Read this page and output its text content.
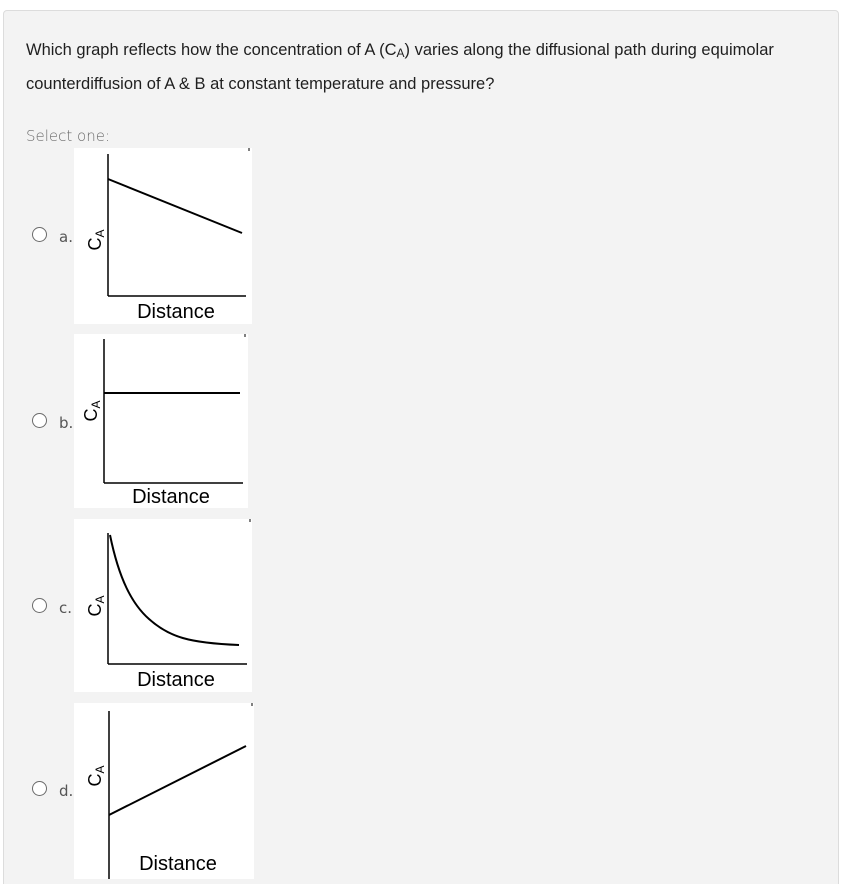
Which graph reflects how the concentration of A $(C_A)$ varies along the diffusional path during equimolar counterdiffusion of A & B at constant temperature and pressure?
Select one:
a. CA
Distance
b. CA
Distance
c. CA
Distance
d.
CA
Distance
